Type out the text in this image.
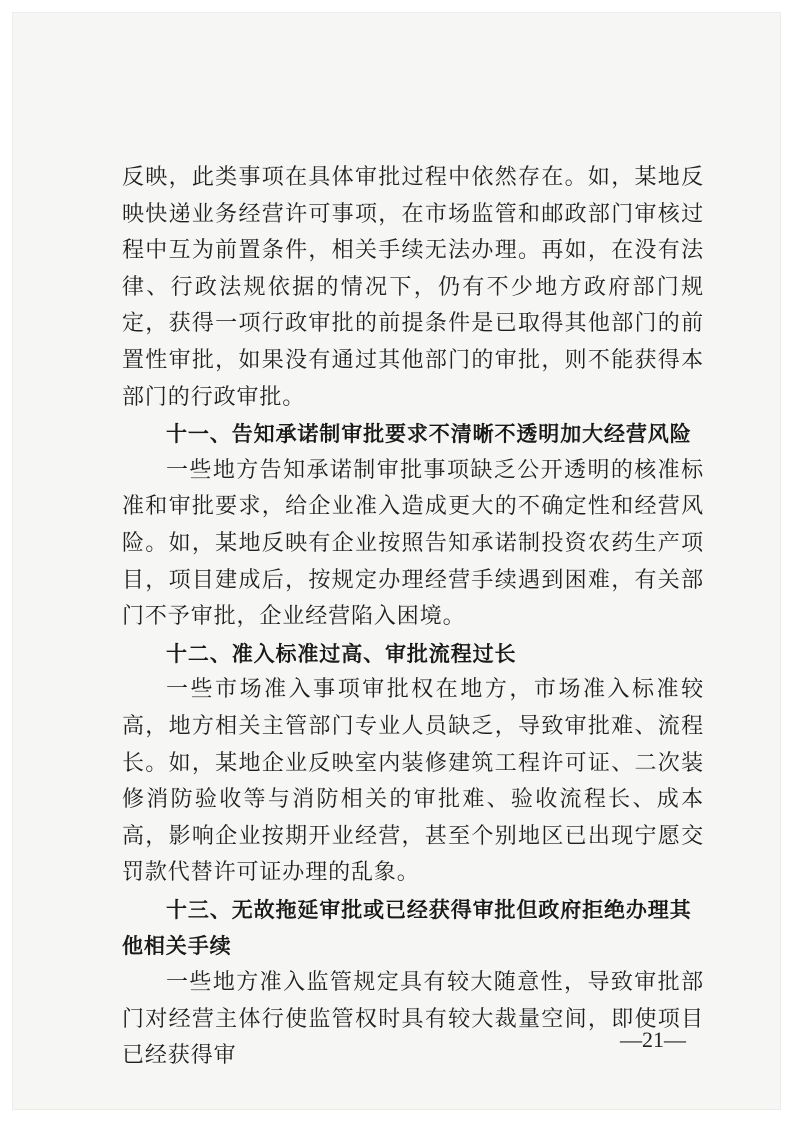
反映，此类事项在具体审批过程中依然存在。如，某地反映快递业务经营许可事项，在市场监管和邮政部门审核过程中互为前置条件，相关手续无法办理。再如，在没有法律、行政法规依据的情况下，仍有不少地方政府部门规定，获得一项行政审批的前提条件是已取得其他部门的前置性审批，如果没有通过其他部门的审批，则不能获得本部门的行政审批。

十一、告知承诺制审批要求不清晰不透明加大经营风险

一些地方告知承诺制审批事项缺乏公开透明的核准标准和审批要求，给企业准入造成更大的不确定性和经营风险。如，某地反映有企业按照告知承诺制投资农药生产项目，项目建成后，按规定办理经营手续遇到困难，有关部门不予审批，企业经营陷入困境。

十二、准入标准过高、审批流程过长

一些市场准入事项审批权在地方，市场准入标准较高，地方相关主管部门专业人员缺乏，导致审批难、流程长。如，某地企业反映室内装修建筑工程许可证、二次装修消防验收等与消防相关的审批难、验收流程长、成本高，影响企业按期开业经营，甚至个别地区已出现宁愿交罚款代替许可证办理的乱象。

十三、无故拖延审批或已经获得审批但政府拒绝办理其他相关手续

一些地方准入监管规定具有较大随意性，导致审批部门对经营主体行使监管权时具有较大裁量空间，即使项目已经获得审

—21—
